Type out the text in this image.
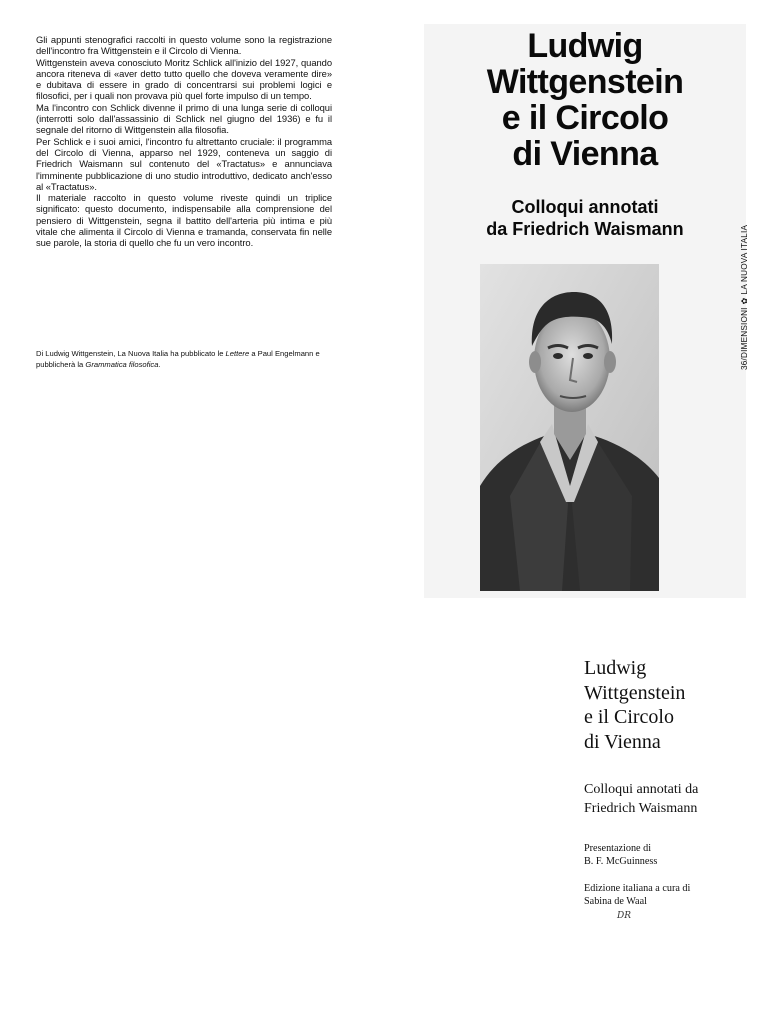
Gli appunti stenografici raccolti in questo volume sono la registrazione dell'incontro fra Wittgenstein e il Circolo di Vienna.

Wittgenstein aveva conosciuto Moritz Schlick all'inizio del 1927, quando ancora riteneva di «aver detto tutto quello che doveva veramente dire» e dubitava di essere in grado di concentrarsi sui problemi logici e filosofici, per i quali non provava più quel forte impulso di un tempo.

Ma l'incontro con Schlick divenne il primo di una lunga serie di colloqui (interrotti solo dall'assassinio di Schlick nel giugno del 1936) e fu il segnale del ritorno di Wittgenstein alla filosofia.

Per Schlick e i suoi amici, l'incontro fu altrettanto cruciale: il programma del Circolo di Vienna, apparso nel 1929, conteneva un saggio di Friedrich Waismann sul contenuto del «Tractatus» e annunciava l'imminente pubblicazione di uno studio introduttivo, dedicato anch'esso al «Tractatus».

Il materiale raccolto in questo volume riveste quindi un triplice significato: questo documento, indispensabile alla comprensione del pensiero di Wittgenstein, segna il battito dell'arteria più intima e più vitale che alimenta il Circolo di Vienna e tramanda, conservata fin nelle sue parole, la storia di quello che fu un vero incontro.

Di Ludwig Wittgenstein, La Nuova Italia ha pubblicato le Lettere a Paul Engelmann e pubblicherà la Grammatica filosofica.

Ludwig
Wittgenstein
e il Circolo
di Vienna
Colloqui annotati
da Friedrich Waismann
36/DIMENSIONI✿LA NUOVA ITALIA
Ludwig
Wittgenstein
e il Circolo
di Vienna
Colloqui annotati da
Friedrich Waismann
Presentazione di
B. F. McGuinness
Edizione italiana a cura di
Sabina de Waal
DR
